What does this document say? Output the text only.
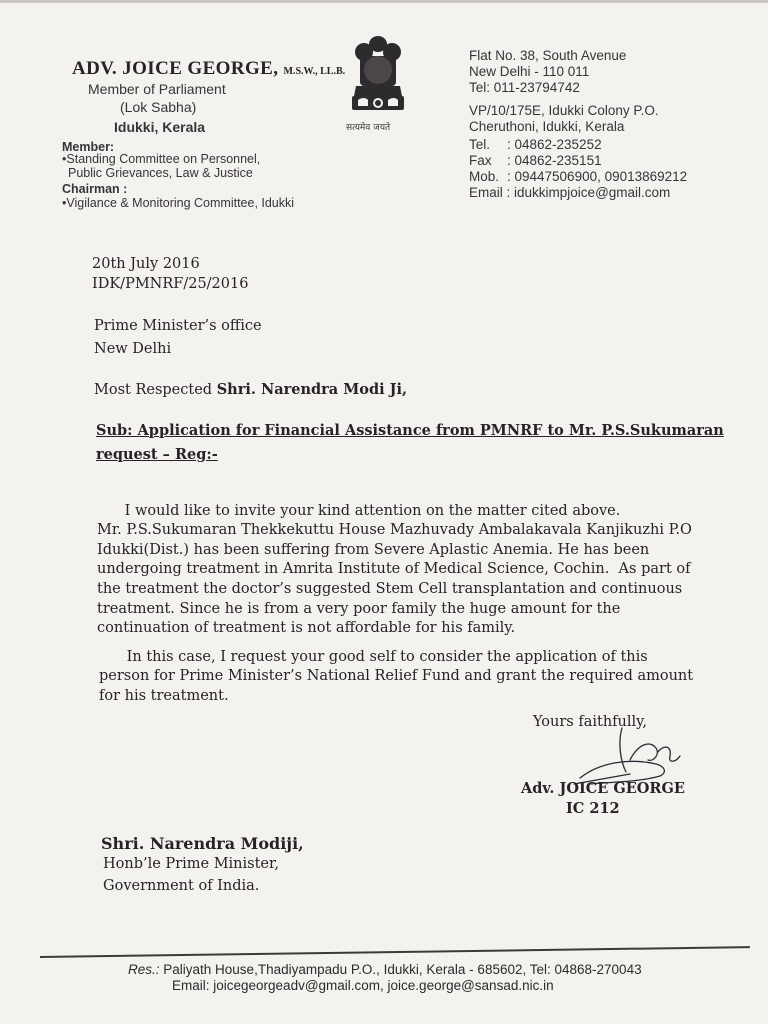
ADV. JOICE GEORGE, M.S.W., LL.B.
Member of Parliament
(Lok Sabha)
Idukki, Kerala
Member:
•Standing Committee on Personnel,
Public Grievances, Law & Justice
Chairman :
•Vigilance & Monitoring Committee, Idukki
सत्यमेव जयते
Flat No. 38, South Avenue
New Delhi - 110 011
Tel: 011-23794742
VP/10/175E, Idukki Colony P.O.
Cheruthoni, Idukki, Kerala
Tel. : 04862-235252
Fax : 04862-235151
Mob. : 09447506900, 09013869212
Email : idukkimpjoice@gmail.com
20th July 2016
IDK/PMNRF/25/2016
Prime Minister’s office
New Delhi
Most Respected Shri. Narendra Modi Ji,
Sub: Application for Financial Assistance from PMNRF to Mr. P.S.Sukumaran
request – Reg:-

I would like to invite your kind attention on the matter cited above.
Mr. P.S.Sukumaran Thekkekuttu House Mazhuvady Ambalakavala Kanjikuzhi P.O
Idukki(Dist.) has been suffering from Severe Aplastic Anemia. He has been
undergoing treatment in Amrita Institute of Medical Science, Cochin.  As part of
the treatment the doctor’s suggested Stem Cell transplantation and continuous
treatment. Since he is from a very poor family the huge amount for the
continuation of treatment is not affordable for his family.

In this case, I request your good self to consider the application of this
person for Prime Minister’s National Relief Fund and grant the required amount
for his treatment.

Yours faithfully,
Adv. JOICE GEORGE
IC 212
Shri. Narendra Modiji,
Honb’le Prime Minister,
Government of India.
Res.: Paliyath House,Thadiyampadu P.O., Idukki, Kerala - 685602, Tel: 04868-270043
Email: joicegeorgeadv@gmail.com, joice.george@sansad.nic.in
